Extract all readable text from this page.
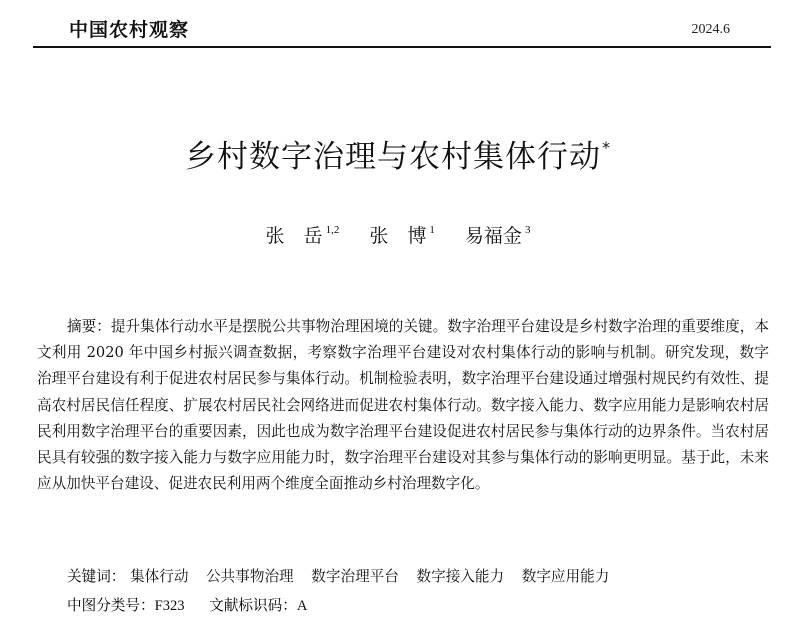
中国农村观察	2024.6
乡村数字治理与农村集体行动*
张　岳 $^{1,2}$ 张　博 $^1$ 易福金 $^3$
摘要：提升集体行动水平是摆脱公共事物治理困境的关键。数字治理平台建设是乡村数字治理的重要维度，本文利用 2020 年中国乡村振兴调查数据，考察数字治理平台建设对农村集体行动的影响与机制。研究发现，数字治理平台建设有利于促进农村居民参与集体行动。机制检验表明，数字治理平台建设通过增强村规民约有效性、提高农村居民信任程度、扩展农村居民社会网络进而促进农村集体行动。数字接入能力、数字应用能力是影响农村居民利用数字治理平台的重要因素，因此也成为数字治理平台建设促进农村居民参与集体行动的边界条件。当农村居民具有较强的数字接入能力与数字应用能力时，数字治理平台建设对其参与集体行动的影响更明显。基于此，未来应从加快平台建设、促进农民利用两个维度全面推动乡村治理数字化。
关键词： 集体行动 公共事物治理 数字治理平台 数字接入能力 数字应用能力
中图分类号：F323 文献标识码：A
